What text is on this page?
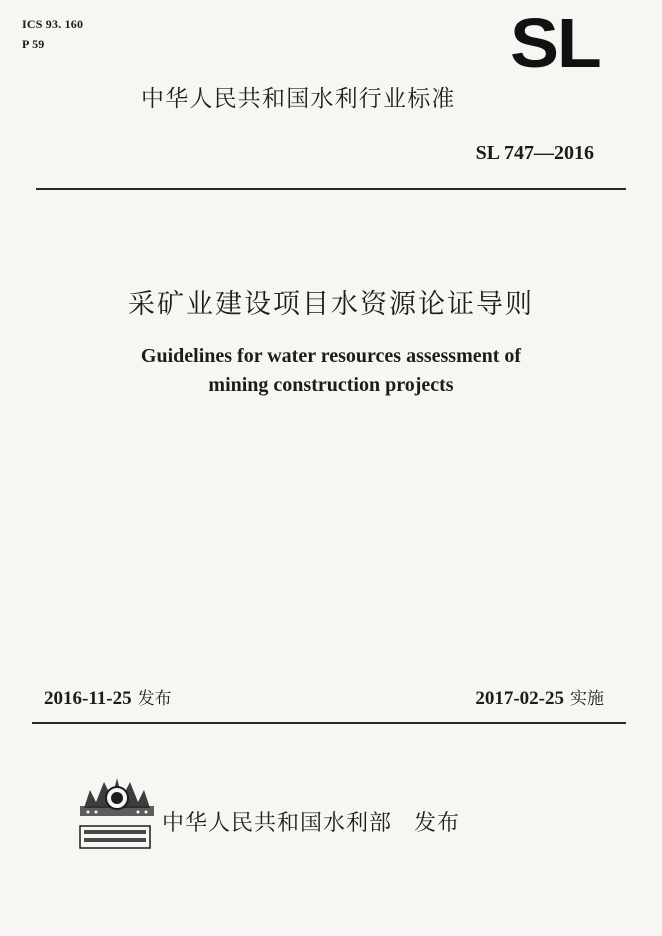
ICS 93. 160
P 59	SL
中华人民共和国水利行业标准
SL 747—2016
采矿业建设项目水资源论证导则
Guidelines for water resources assessment of
mining construction projects
2016-11-25 发布	2017-02-25 实施
中华人民共和国水利部 发布
